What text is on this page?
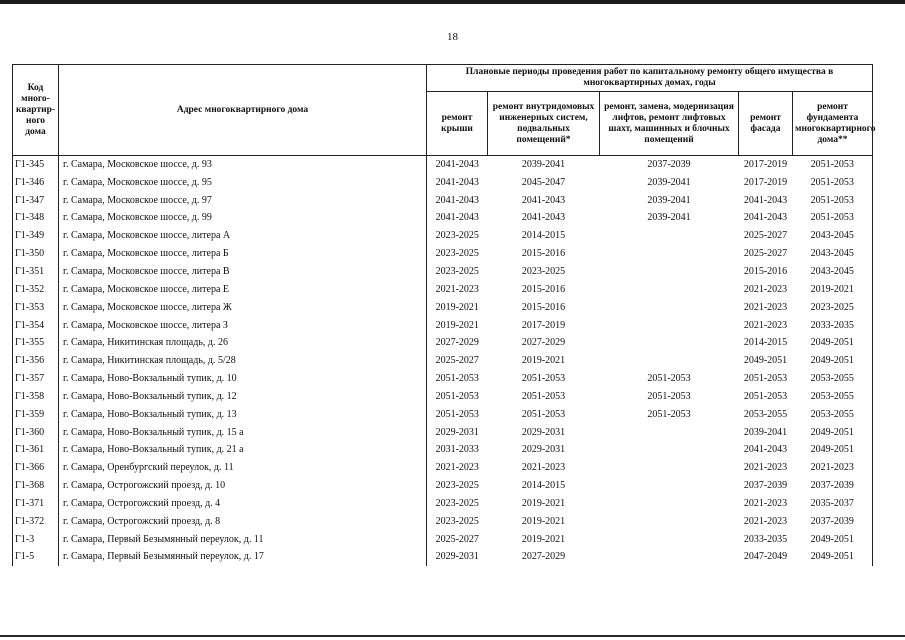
18
Код много-квартир-ного дома	Адрес многоквартирного дома	Плановые периоды проведения работ по капитальному ремонту общего имущества в многоквартирных домах, годы				
		ремонт крыши	ремонт внутридомовых инженерных систем, подвальных помещений*	ремонт, замена, модернизация лифтов, ремонт лифтовых шахт, машинных и блочных помещений	ремонт фасада	ремонт фундамента многоквартирного дома**
Г1-345	г. Самара, Московское шоссе, д. 93	2041-2043	2039-2041	2037-2039	2017-2019	2051-2053
Г1-346	г. Самара, Московское шоссе, д. 95	2041-2043	2045-2047	2039-2041	2017-2019	2051-2053
Г1-347	г. Самара, Московское шоссе, д. 97	2041-2043	2041-2043	2039-2041	2041-2043	2051-2053
Г1-348	г. Самара, Московское шоссе, д. 99	2041-2043	2041-2043	2039-2041	2041-2043	2051-2053
Г1-349	г. Самара, Московское шоссе, литера А	2023-2025	2014-2015		2025-2027	2043-2045
Г1-350	г. Самара, Московское шоссе, литера Б	2023-2025	2015-2016		2025-2027	2043-2045
Г1-351	г. Самара, Московское шоссе, литера В	2023-2025	2023-2025		2015-2016	2043-2045
Г1-352	г. Самара, Московское шоссе, литера Е	2021-2023	2015-2016		2021-2023	2019-2021
Г1-353	г. Самара, Московское шоссе, литера Ж	2019-2021	2015-2016		2021-2023	2023-2025
Г1-354	г. Самара, Московское шоссе, литера З	2019-2021	2017-2019		2021-2023	2033-2035
Г1-355	г. Самара, Никитинская площадь, д. 26	2027-2029	2027-2029		2014-2015	2049-2051
Г1-356	г. Самара, Никитинская площадь, д. 5/28	2025-2027	2019-2021		2049-2051	2049-2051
Г1-357	г. Самара, Ново-Вокзальный тупик, д. 10	2051-2053	2051-2053	2051-2053	2051-2053	2053-2055
Г1-358	г. Самара, Ново-Вокзальный тупик, д. 12	2051-2053	2051-2053	2051-2053	2051-2053	2053-2055
Г1-359	г. Самара, Ново-Вокзальный тупик, д. 13	2051-2053	2051-2053	2051-2053	2053-2055	2053-2055
Г1-360	г. Самара, Ново-Вокзальный тупик, д. 15 а	2029-2031	2029-2031		2039-2041	2049-2051
Г1-361	г. Самара, Ново-Вокзальный тупик, д. 21 а	2031-2033	2029-2031		2041-2043	2049-2051
Г1-366	г. Самара, Оренбургский переулок, д. 11	2021-2023	2021-2023		2021-2023	2021-2023
Г1-368	г. Самара, Острогожский проезд, д. 10	2023-2025	2014-2015		2037-2039	2037-2039
Г1-371	г. Самара, Острогожский проезд, д. 4	2023-2025	2019-2021		2021-2023	2035-2037
Г1-372	г. Самара, Острогожский проезд, д. 8	2023-2025	2019-2021		2021-2023	2037-2039
Г1-3	г. Самара, Первый Безымянный переулок, д. 11	2025-2027	2019-2021		2033-2035	2049-2051
Г1-5	г. Самара, Первый Безымянный переулок, д. 17	2029-2031	2027-2029		2047-2049	2049-2051
